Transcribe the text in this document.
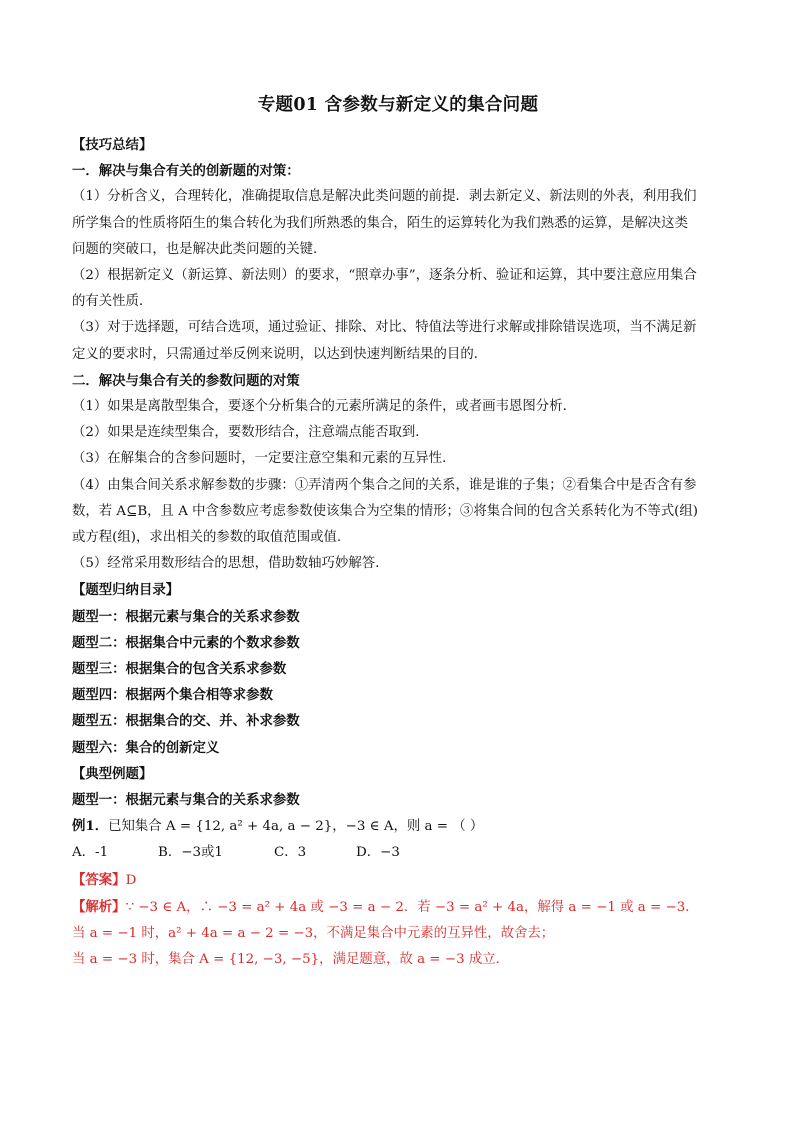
专题01 含参数与新定义的集合问题

【技巧总结】

一．解决与集合有关的创新题的对策：

（1）分析含义，合理转化，准确提取信息是解决此类问题的前提．剥去新定义、新法则的外表，利用我们

所学集合的性质将陌生的集合转化为我们所熟悉的集合，陌生的运算转化为我们熟悉的运算，是解决这类

问题的突破口，也是解决此类问题的关键．

（2）根据新定义（新运算、新法则）的要求，“照章办事”，逐条分析、验证和运算，其中要注意应用集合

的有关性质．

（3）对于选择题，可结合选项，通过验证、排除、对比、特值法等进行求解或排除错误选项，当不满足新

定义的要求时，只需通过举反例来说明，以达到快速判断结果的目的．

二．解决与集合有关的参数问题的对策

（1）如果是离散型集合，要逐个分析集合的元素所满足的条件，或者画韦恩图分析．

（2）如果是连续型集合，要数形结合，注意端点能否取到．

（3）在解集合的含参问题时，一定要注意空集和元素的互异性．

（4）由集合间关系求解参数的步骤：①弄清两个集合之间的关系，谁是谁的子集；②看集合中是否含有参

数，若 A⊆B，且 A 中含参数应考虑参数使该集合为空集的情形；③将集合间的包含关系转化为不等式(组)

或方程(组)，求出相关的参数的取值范围或值.

（5）经常采用数形结合的思想，借助数轴巧妙解答.

【题型归纳目录】

题型一：根据元素与集合的关系求参数

题型二：根据集合中元素的个数求参数

题型三：根据集合的包含关系求参数

题型四：根据两个集合相等求参数

题型五：根据集合的交、并、补求参数

题型六：集合的创新定义

【典型例题】

题型一：根据元素与集合的关系求参数

例1．已知集合 A = {12, a² + 4a, a − 2}，−3 ∈ A，则 a = （ ）

A．-1	B．−3或1	C．3	D．−3

【答案】D

【解析】∵ −3 ∈ A，∴ −3 = a² + 4a 或 −3 = a − 2．若 −3 = a² + 4a，解得 a = −1 或 a = −3．

当 a = −1 时，a² + 4a = a − 2 = −3，不满足集合中元素的互异性，故舍去；

当 a = −3 时，集合 A = {12, −3, −5}，满足题意，故 a = −3 成立．
